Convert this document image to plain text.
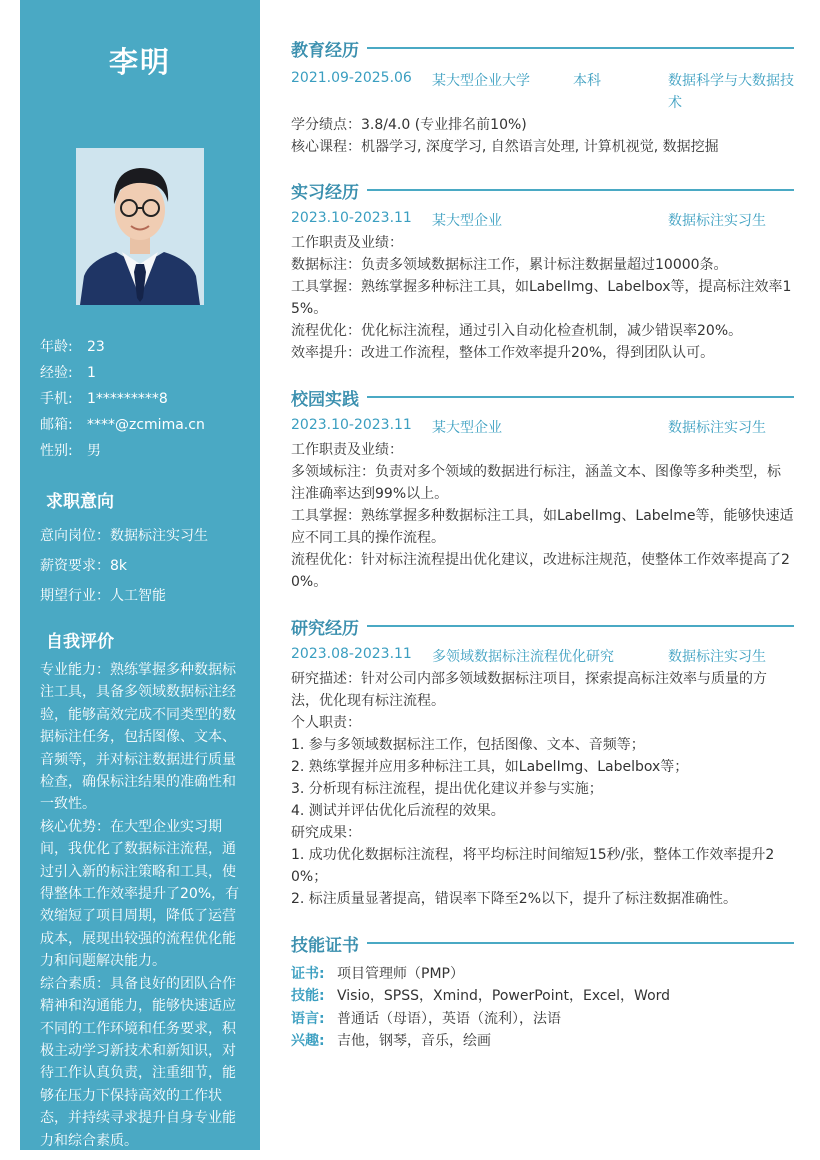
李明
年龄: 23
经验: 1
手机: 1*********8
邮箱: ****@zcmima.cn
性别: 男
求职意向
意向岗位：数据标注实习生
薪资要求：8k
期望行业：人工智能
自我评价
专业能力：熟练掌握多种数据标注工具，具备多领域数据标注经验，能够高效完成不同类型的数据标注任务，包括图像、文本、音频等，并对标注数据进行质量检查，确保标注结果的准确性和一致性。
核心优势：在大型企业实习期间，我优化了数据标注流程，通过引入新的标注策略和工具，使得整体工作效率提升了20%，有效缩短了项目周期，降低了运营成本，展现出较强的流程优化能力和问题解决能力。
综合素质：具备良好的团队合作精神和沟通能力，能够快速适应不同的工作环境和任务要求，积极主动学习新技术和新知识，对待工作认真负责，注重细节，能够在压力下保持高效的工作状态，并持续寻求提升自身专业能力和综合素质。
教育经历
2021.09-2025.06 某大型企业大学	本科	数据科学与大数据技术
学分绩点：3.8/4.0 (专业排名前10%)
核心课程：机器学习, 深度学习, 自然语言处理, 计算机视觉, 数据挖掘
实习经历
2023.10-2023.11 某大型企业	数据标注实习生
工作职责及业绩：
数据标注：负责多领域数据标注工作，累计标注数据量超过10000条。
工具掌握：熟练掌握多种标注工具，如LabelImg、Labelbox等，提高标注效率15%。
流程优化：优化标注流程，通过引入自动化检查机制，减少错误率20%。
效率提升：改进工作流程，整体工作效率提升20%，得到团队认可。
校园实践
2023.10-2023.11 某大型企业	数据标注实习生
工作职责及业绩：
多领域标注：负责对多个领域的数据进行标注，涵盖文本、图像等多种类型，标注准确率达到99%以上。
工具掌握：熟练掌握多种数据标注工具，如LabelImg、Labelme等，能够快速适应不同工具的操作流程。
流程优化：针对标注流程提出优化建议，改进标注规范，使整体工作效率提高了20%。
研究经历
2023.08-2023.11 多领域数据标注流程优化研究	数据标注实习生
研究描述：针对公司内部多领域数据标注项目，探索提高标注效率与质量的方法，优化现有标注流程。
个人职责：
1. 参与多领域数据标注工作，包括图像、文本、音频等；
2. 熟练掌握并应用多种标注工具，如LabelImg、Labelbox等；
3. 分析现有标注流程，提出优化建议并参与实施；
4. 测试并评估优化后流程的效果。
研究成果：
1. 成功优化数据标注流程，将平均标注时间缩短15秒/张，整体工作效率提升20%；
2. 标注质量显著提高，错误率下降至2%以下，提升了标注数据准确性。
技能证书
证书: 项目管理师（PMP）
技能: Visio，SPSS，Xmind，PowerPoint，Excel，Word
语言: 普通话（母语），英语（流利），法语
兴趣: 吉他，钢琴，音乐，绘画
